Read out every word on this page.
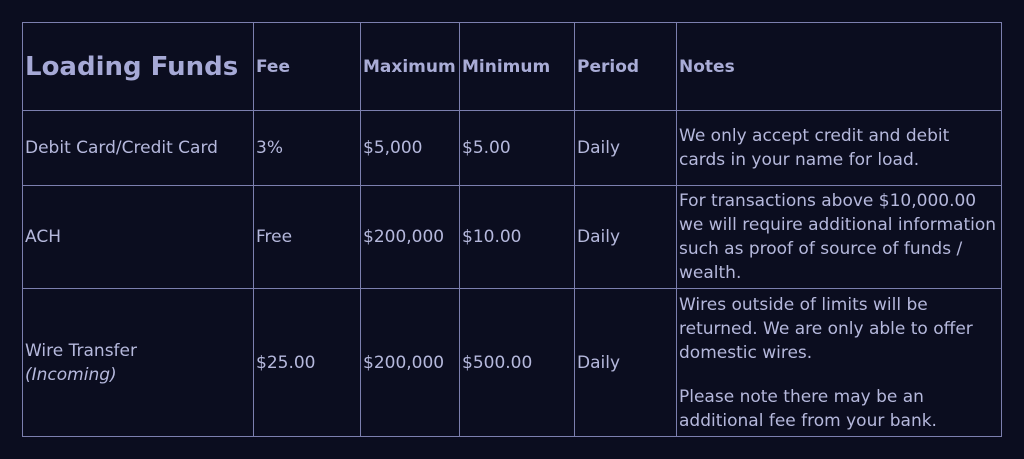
Loading Funds	Fee	Maximum	Minimum	Period	Notes
Debit Card/Credit Card	3%	$5,000	$5.00	Daily	We only accept credit and debit cards in your name for load.

ACH	Free	$200,000	$10.00	Daily	For transactions above $10,000.00 we will require additional information such as proof of source of funds / wealth.

Wire Transfer
(Incoming)	$25.00	$200,000	$500.00	Daily	Wires outside of limits will be returned. We are only able to offer domestic wires.
Please note there may be an additional fee from your bank.
